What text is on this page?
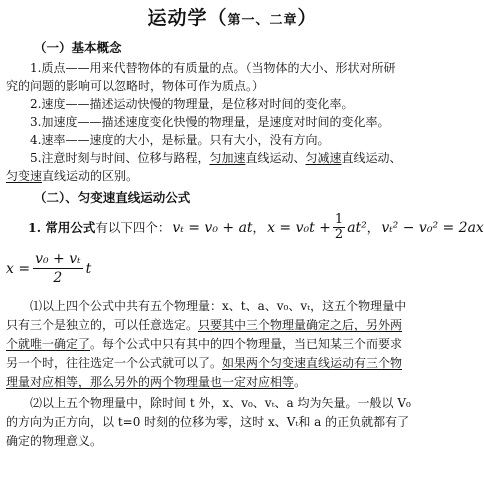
运动学（第一、二章）
（一）基本概念

1.质点——用来代替物体的有质量的点。（当物体的大小、形状对所研

究的问题的影响可以忽略时，物体可作为质点。）

2.速度——描述运动快慢的物理量，是位移对时间的变化率。

3.加速度——描述速度变化快慢的物理量，是速度对时间的变化率。

4.速率——速度的大小，是标量。只有大小，没有方向。

5.注意时刻与时间、位移与路程，匀加速直线运动、匀减速直线运动、

匀变速直线运动的区别。

（二）、匀变速直线运动公式
1. 常用公式 有以下四个： vₜ = v₀ + at ， $x = v_0t + \frac{1}{2} at^2$ ， vₜ² − v₀² = 2ax
$x = \frac{\text{v₀ + vₜ}}{2}$ t

⑴以上四个公式中共有五个物理量：x、t、a、v₀、vₜ，这五个物理量中

只有三个是独立的，可以任意选定。只要其中三个物理量确定之后，另外两

个就唯一确定了。每个公式中只有其中的四个物理量，当已知某三个而要求

另一个时，往往选定一个公式就可以了。如果两个匀变速直线运动有三个物

理量对应相等，那么另外的两个物理量也一定对应相等。

⑵以上五个物理量中，除时间 t 外，x、v₀、vₜ、a 均为矢量。一般以 V₀

的方向为正方向，以 t=0 时刻的位移为零，这时 x、Vₜ和 a 的正负就都有了

确定的物理意义。
